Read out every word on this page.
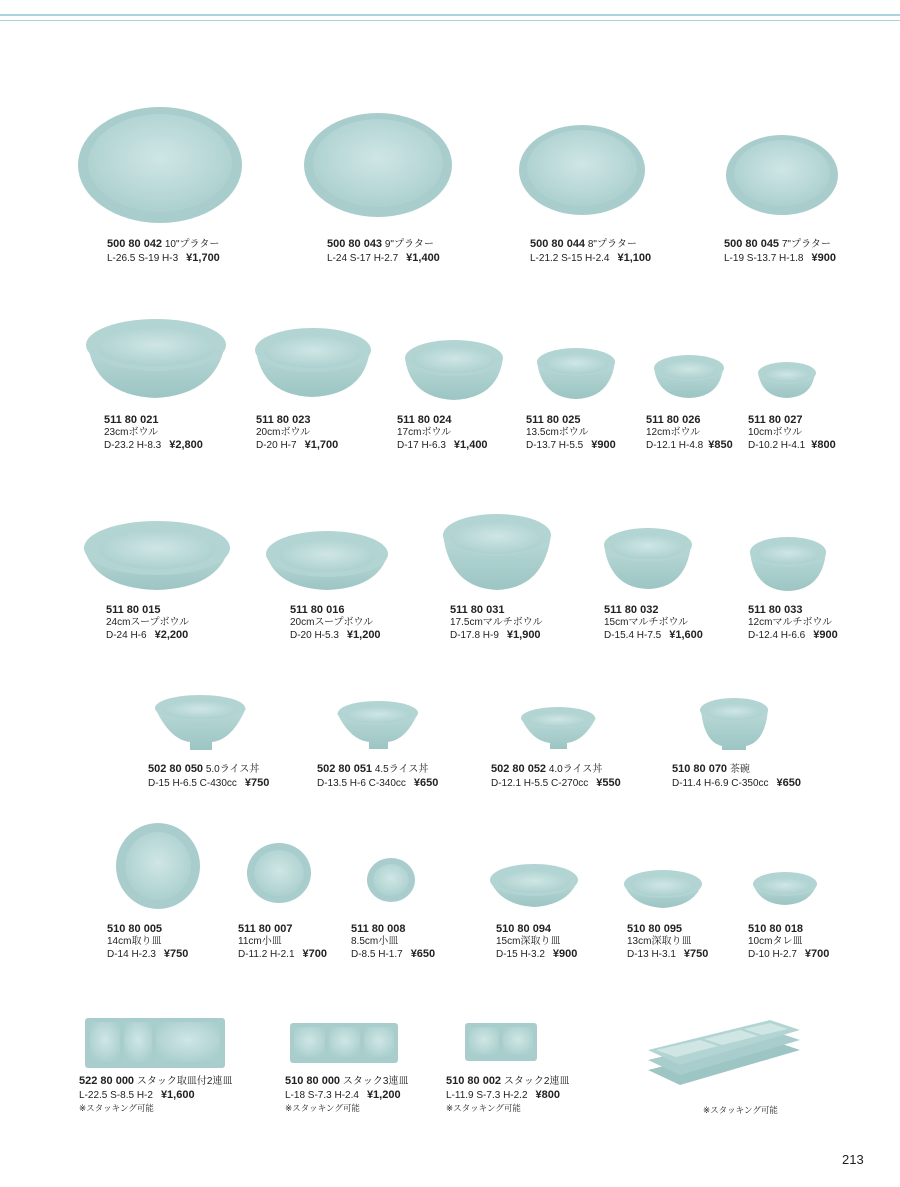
500 80 042 10"プラター
L-26.5 S-19 H-3 ¥1,700
500 80 043 9"プラター
L-24 S-17 H-2.7 ¥1,400
500 80 044 8"プラター
L-21.2 S-15 H-2.4 ¥1,100
500 80 045 7"プラター
L-19 S-13.7 H-1.8 ¥900
511 80 021
23cmボウル
D-23.2 H-8.3 ¥2,800
511 80 023
20cmボウル
D-20 H-7 ¥1,700
511 80 024
17cmボウル
D-17 H-6.3 ¥1,400
511 80 025
13.5cmボウル
D-13.7 H-5.5 ¥900
511 80 026
12cmボウル
D-12.1 H-4.8 ¥850
511 80 027
10cmボウル
D-10.2 H-4.1 ¥800
511 80 015
24cmスープボウル
D-24 H-6 ¥2,200
511 80 016
20cmスープボウル
D-20 H-5.3 ¥1,200
511 80 031
17.5cmマルチボウル
D-17.8 H-9 ¥1,900
511 80 032
15cmマルチボウル
D-15.4 H-7.5 ¥1,600
511 80 033
12cmマルチボウル
D-12.4 H-6.6 ¥900
502 80 050 5.0ライス丼
D-15 H-6.5 C-430cc ¥750
502 80 051 4.5ライス丼
D-13.5 H-6 C-340cc ¥650
502 80 052 4.0ライス丼
D-12.1 H-5.5 C-270cc ¥550
510 80 070 茶碗
D-11.4 H-6.9 C-350cc ¥650
510 80 005
14cm取り皿
D-14 H-2.3 ¥750
511 80 007
11cm小皿
D-11.2 H-2.1 ¥700
511 80 008
8.5cm小皿
D-8.5 H-1.7 ¥650
510 80 094
15cm深取り皿
D-15 H-3.2 ¥900
510 80 095
13cm深取り皿
D-13 H-3.1 ¥750
510 80 018
10cmタレ皿
D-10 H-2.7 ¥700
522 80 000 スタック取皿付2連皿
L-22.5 S-8.5 H-2 ¥1,600
※スタッキング可能
510 80 000 スタック3連皿
L-18 S-7.3 H-2.4 ¥1,200
※スタッキング可能
510 80 002 スタック2連皿
L-11.9 S-7.3 H-2.2 ¥800
※スタッキング可能	※スタッキング可能
213
